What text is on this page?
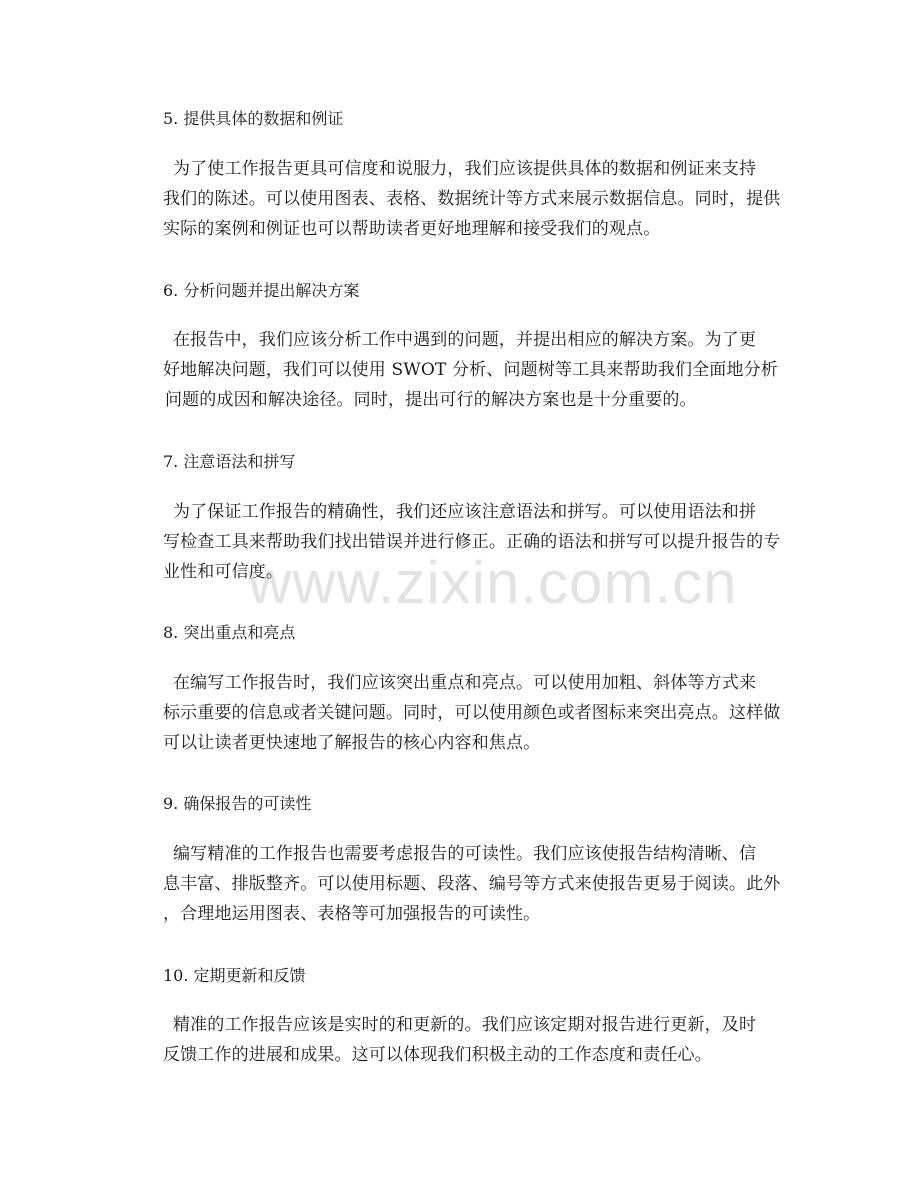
5. 提供具体的数据和例证
为了使工作报告更具可信度和说服力，我们应该提供具体的数据和例证来支持
我们的陈述。可以使用图表、表格、数据统计等方式来展示数据信息。同时，提供
实际的案例和例证也可以帮助读者更好地理解和接受我们的观点。
6. 分析问题并提出解决方案
在报告中，我们应该分析工作中遇到的问题，并提出相应的解决方案。为了更
好地解决问题，我们可以使用 SWOT 分析、问题树等工具来帮助我们全面地分析
问题的成因和解决途径。同时，提出可行的解决方案也是十分重要的。
7. 注意语法和拼写
为了保证工作报告的精确性，我们还应该注意语法和拼写。可以使用语法和拼
写检查工具来帮助我们找出错误并进行修正。正确的语法和拼写可以提升报告的专
业性和可信度。
8. 突出重点和亮点
在编写工作报告时，我们应该突出重点和亮点。可以使用加粗、斜体等方式来
标示重要的信息或者关键问题。同时，可以使用颜色或者图标来突出亮点。这样做
可以让读者更快速地了解报告的核心内容和焦点。
9. 确保报告的可读性
编写精准的工作报告也需要考虑报告的可读性。我们应该使报告结构清晰、信
息丰富、排版整齐。可以使用标题、段落、编号等方式来使报告更易于阅读。此外
，合理地运用图表、表格等可加强报告的可读性。
10. 定期更新和反馈
精准的工作报告应该是实时的和更新的。我们应该定期对报告进行更新，及时
反馈工作的进展和成果。这可以体现我们积极主动的工作态度和责任心。
www.zixin.com.cn
